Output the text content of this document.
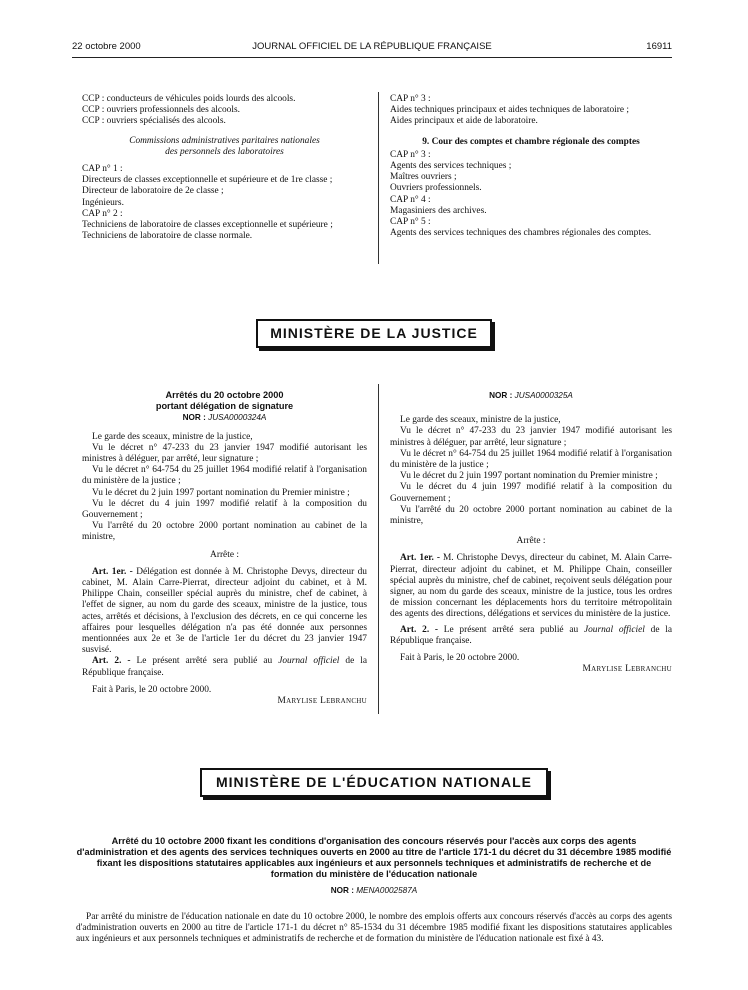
22 octobre 2000	JOURNAL OFFICIEL DE LA RÉPUBLIQUE FRANÇAISE	16911

CCP : conducteurs de véhicules poids lourds des alcools.

CCP : ouvriers professionnels des alcools.

CCP : ouvriers spécialisés des alcools.

Commissions administratives paritaires nationales

des personnels des laboratoires

CAP n° 1 :

Directeurs de classes exceptionnelle et supérieure et de 1re classe ;

Directeur de laboratoire de 2e classe ;

Ingénieurs.

CAP n° 2 :

Techniciens de laboratoire de classes exceptionnelle et supérieure ;

Techniciens de laboratoire de classe normale.

CAP n° 3 :

Aides techniques principaux et aides techniques de laboratoire ;

Aides principaux et aide de laboratoire.

9. Cour des comptes et chambre régionale des comptes

CAP n° 3 :

Agents des services techniques ;

Maîtres ouvriers ;

Ouvriers professionnels.

CAP n° 4 :

Magasiniers des archives.

CAP n° 5 :

Agents des services techniques des chambres régionales des comptes.

MINISTÈRE DE LA JUSTICE

Arrêtés du 20 octobre 2000

portant délégation de signature

NOR : JUSA0000324A

Le garde des sceaux, ministre de la justice,

Vu le décret n° 47-233 du 23 janvier 1947 modifié autorisant les ministres à déléguer, par arrêté, leur signature ;

Vu le décret n° 64-754 du 25 juillet 1964 modifié relatif à l'organisation du ministère de la justice ;

Vu le décret du 2 juin 1997 portant nomination du Premier ministre ;

Vu le décret du 4 juin 1997 modifié relatif à la composition du Gouvernement ;

Vu l'arrêté du 20 octobre 2000 portant nomination au cabinet de la ministre,

Arrête :

Art. 1er. - Délégation est donnée à M. Christophe Devys, directeur du cabinet, M. Alain Carre-Pierrat, directeur adjoint du cabinet, et à M. Philippe Chain, conseiller spécial auprès du ministre, chef de cabinet, à l'effet de signer, au nom du garde des sceaux, ministre de la justice, tous actes, arrêtés et décisions, à l'exclusion des décrets, en ce qui concerne les affaires pour lesquelles délégation n'a pas été donnée aux personnes mentionnées aux 2e et 3e de l'article 1er du décret du 23 janvier 1947 susvisé.

Art. 2. - Le présent arrêté sera publié au Journal officiel de la République française.

Fait à Paris, le 20 octobre 2000.

Marylise Lebranchu

NOR : JUSA0000325A

Le garde des sceaux, ministre de la justice,

Vu le décret n° 47-233 du 23 janvier 1947 modifié autorisant les ministres à déléguer, par arrêté, leur signature ;

Vu le décret n° 64-754 du 25 juillet 1964 modifié relatif à l'organisation du ministère de la justice ;

Vu le décret du 2 juin 1997 portant nomination du Premier ministre ;

Vu le décret du 4 juin 1997 modifié relatif à la composition du Gouvernement ;

Vu l'arrêté du 20 octobre 2000 portant nomination au cabinet de la ministre,

Arrête :

Art. 1er. - M. Christophe Devys, directeur du cabinet, M. Alain Carre-Pierrat, directeur adjoint du cabinet, et M. Philippe Chain, conseiller spécial auprès du ministre, chef de cabinet, reçoivent seuls délégation pour signer, au nom du garde des sceaux, ministre de la justice, tous les ordres de mission concernant les déplacements hors du territoire métropolitain des agents des directions, délégations et services du ministère de la justice.

Art. 2. - Le présent arrêté sera publié au Journal officiel de la République française.

Fait à Paris, le 20 octobre 2000.

Marylise Lebranchu

MINISTÈRE DE L'ÉDUCATION NATIONALE

Arrêté du 10 octobre 2000 fixant les conditions d'organisation des concours réservés pour l'accès aux corps des agents d'administration et des agents des services techniques ouverts en 2000 au titre de l'article 171-1 du décret du 31 décembre 1985 modifié fixant les dispositions statutaires applicables aux ingénieurs et aux personnels techniques et administratifs de recherche et de formation du ministère de l'éducation nationale

NOR : MENA0002587A

Par arrêté du ministre de l'éducation nationale en date du 10 octobre 2000, le nombre des emplois offerts aux concours réservés d'accès au corps des agents d'administration ouverts en 2000 au titre de l'article 171-1 du décret n° 85-1534 du 31 décembre 1985 modifié fixant les dispositions statutaires applicables aux ingénieurs et aux personnels techniques et administratifs de recherche et de formation du ministère de l'éducation nationale est fixé à 43.
